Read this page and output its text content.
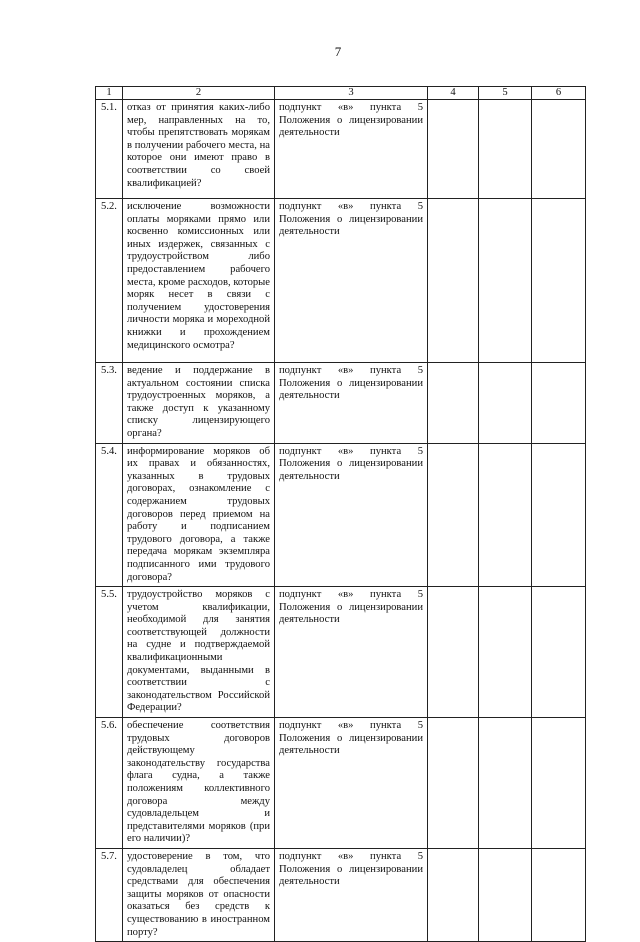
7
1	2	3	4	5	6
5.1.	отказ от принятия каких-либо мер, направленных на то, чтобы препятствовать морякам в получении рабочего места, на которое они имеют право в соответствии со своей квалификацией?	подпункт «в» пункта 5 Положения о лицензировании деятельности			
5.2.	исключение возможности оплаты моряками прямо или косвенно комиссионных или иных издержек, связанных с трудоустройством либо предоставлением рабочего места, кроме расходов, которые моряк несет в связи с получением удостоверения личности моряка и мореходной книжки и прохождением медицинского осмотра?	подпункт «в» пункта 5 Положения о лицензировании деятельности			
5.3.	ведение и поддержание в актуальном состоянии списка трудоустроенных моряков, а также доступ к указанному списку лицензирующего органа?	подпункт «в» пункта 5 Положения о лицензировании деятельности			
5.4.	информирование моряков об их правах и обязанностях, указанных в трудовых договорах, ознакомление с содержанием трудовых договоров перед приемом на работу и подписанием трудового договора, а также передача морякам экземпляра подписанного ими трудового договора?	подпункт «в» пункта 5 Положения о лицензировании деятельности			
5.5.	трудоустройство моряков с учетом квалификации, необходимой для занятия соответствующей должности на судне и подтверждаемой квалификационными документами, выданными в соответствии с законодательством Российской Федерации?	подпункт «в» пункта 5 Положения о лицензировании деятельности			
5.6.	обеспечение соответствия трудовых договоров действующему законодательству государства флага судна, а также положениям коллективного договора между судовладельцем и представителями моряков (при его наличии)?	подпункт «в» пункта 5 Положения о лицензировании деятельности			
5.7.	удостоверение в том, что судовладелец обладает средствами для обеспечения защиты моряков от опасности оказаться без средств к существованию в иностранном порту?	подпункт «в» пункта 5 Положения о лицензировании деятельности			
